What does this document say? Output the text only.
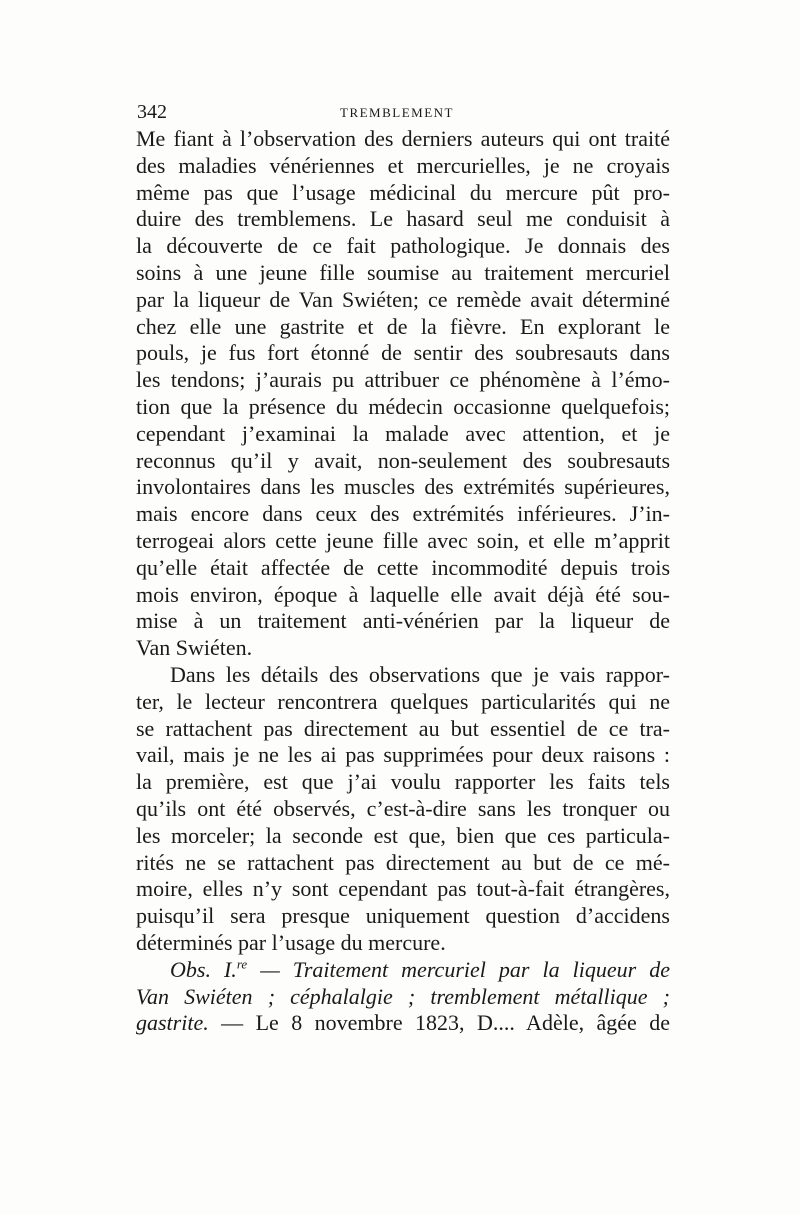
342	TREMBLEMENT
Me fiant à l’observation des derniers auteurs qui ont traité
des maladies vénériennes et mercurielles, je ne croyais
même pas que l’usage médicinal du mercure pût pro-
duire des tremblemens. Le hasard seul me conduisit à
la découverte de ce fait pathologique. Je donnais des
soins à une jeune fille soumise au traitement mercuriel
par la liqueur de Van Swiéten; ce remède avait déterminé
chez elle une gastrite et de la fièvre. En explorant le
pouls, je fus fort étonné de sentir des soubresauts dans
les tendons; j’aurais pu attribuer ce phénomène à l’émo-
tion que la présence du médecin occasionne quelquefois;
cependant j’examinai la malade avec attention, et je
reconnus qu’il y avait, non-seulement des soubresauts
involontaires dans les muscles des extrémités supérieures,
mais encore dans ceux des extrémités inférieures. J’in-
terrogeai alors cette jeune fille avec soin, et elle m’apprit
qu’elle était affectée de cette incommodité depuis trois
mois environ, époque à laquelle elle avait déjà été sou-
mise à un traitement anti-vénérien par la liqueur de
Van Swiéten.
Dans les détails des observations que je vais rappor-
ter, le lecteur rencontrera quelques particularités qui ne
se rattachent pas directement au but essentiel de ce tra-
vail, mais je ne les ai pas supprimées pour deux raisons :
la première, est que j’ai voulu rapporter les faits tels
qu’ils ont été observés, c’est-à-dire sans les tronquer ou
les morceler; la seconde est que, bien que ces particula-
rités ne se rattachent pas directement au but de ce mé-
moire, elles n’y sont cependant pas tout-à-fait étrangères,
puisqu’il sera presque uniquement question d’accidens
déterminés par l’usage du mercure.
Obs. I.$^{re}$ — Traitement mercuriel par la liqueur de
Van Swiéten ; céphalalgie ; tremblement métallique ;
gastrite. — Le 8 novembre 1823, D.... Adèle, âgée de
